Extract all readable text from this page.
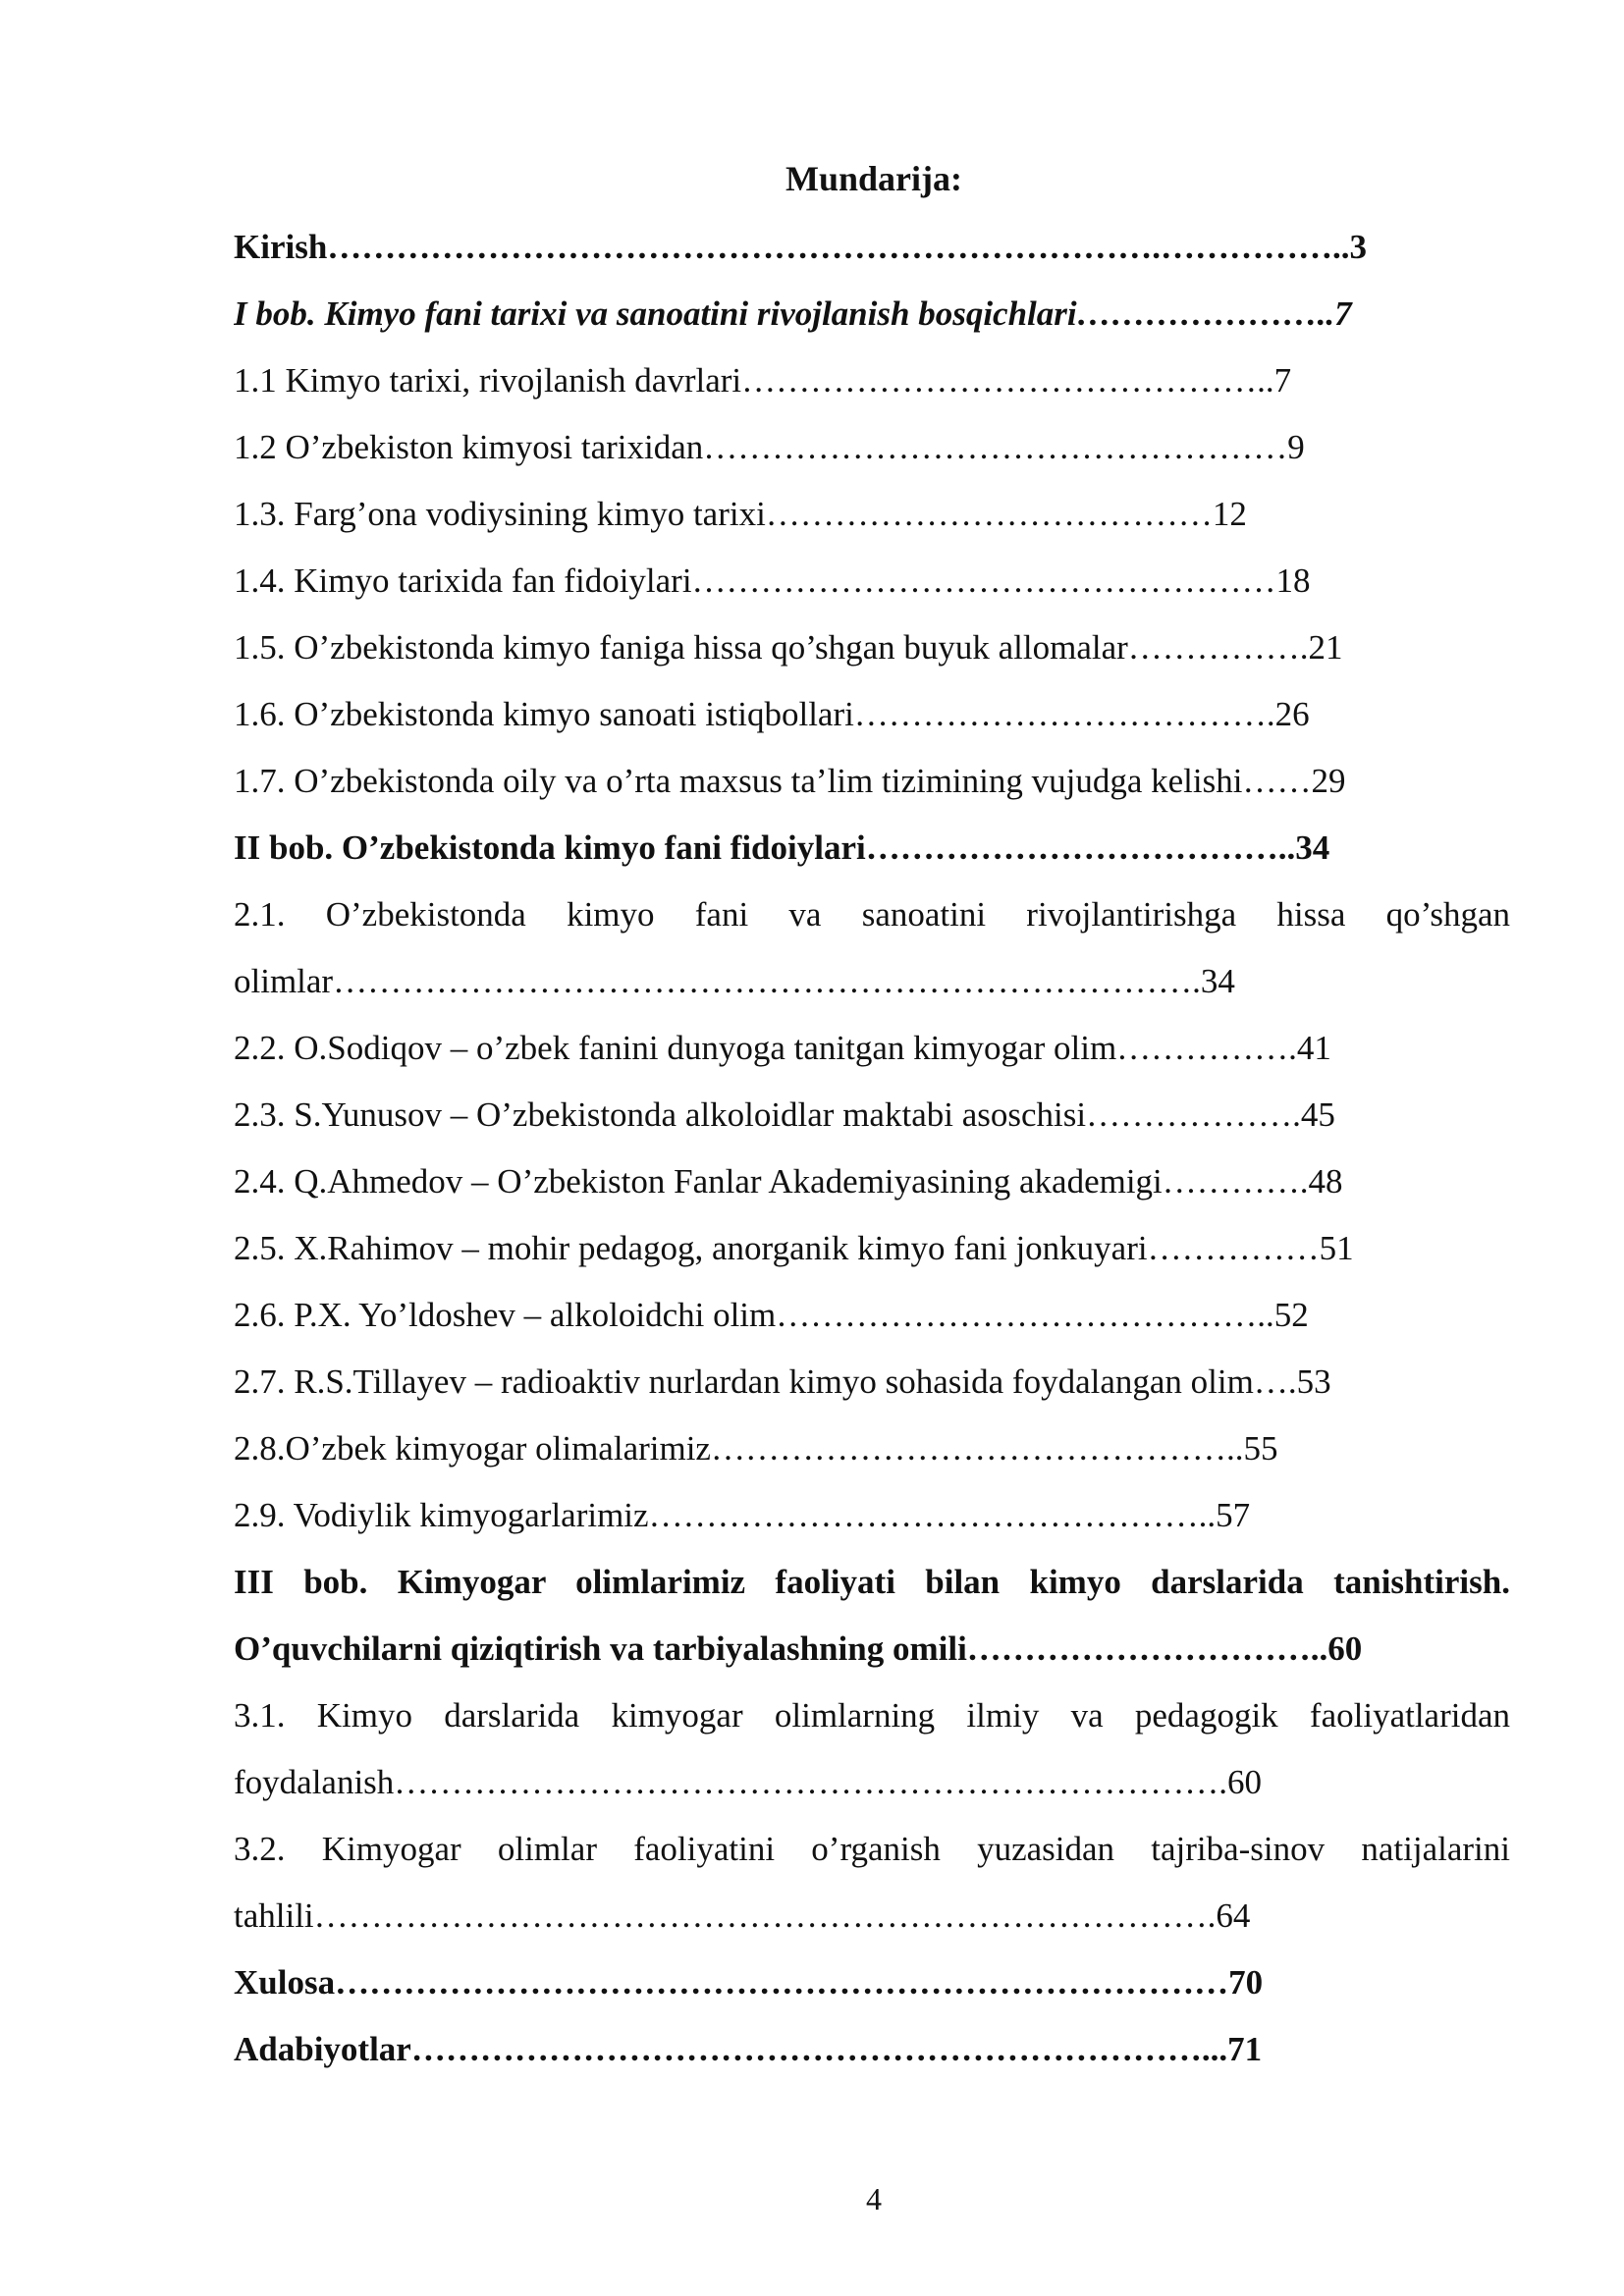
Mundarija:
Kirish……………………………………………………………….……………..3
I bob. Kimyo fani tarixi va sanoatini rivojlanish bosqichlari…………………..7
1.1 Kimyo tarixi, rivojlanish davrlari………………………………………..7
1.2 O’zbekiston kimyosi tarixidan……………………………………………9
1.3. Farg’ona vodiysining kimyo tarixi…………………………………12
1.4. Kimyo tarixida fan fidoiylari……………………………………………18
1.5. O’zbekistonda kimyo faniga hissa qo’shgan buyuk allomalar…………….21
1.6. O’zbekistonda kimyo sanoati istiqbollari……………………………….26
1.7. O’zbekistonda oily va o’rta maxsus ta’lim tizimining vujudga kelishi……29
II bob. O’zbekistonda kimyo fani fidoiylari………………………………..34
2.1. O’zbekistonda kimyo fani va sanoatini rivojlantirishga hissa qo’shgan
olimlar………………………………………………………………….34
2.2. O.Sodiqov – o’zbek fanini dunyoga tanitgan kimyogar olim…………….41
2.3. S.Yunusov – O’zbekistonda alkoloidlar maktabi asoschisi……………….45
2.4. Q.Ahmedov – O’zbekiston Fanlar Akademiyasining akademigi………….48
2.5. X.Rahimov – mohir pedagog, anorganik kimyo fani jonkuyari……………51
2.6. P.X. Yo’ldoshev – alkoloidchi olim……………………………………..52
2.7. R.S.Tillayev – radioaktiv nurlardan kimyo sohasida foydalangan olim….53
2.8.O’zbek kimyogar olimalarimiz………………………………………..55
2.9. Vodiylik kimyogarlarimiz…………………………………………..57
III bob. Kimyogar olimlarimiz faoliyati bilan kimyo darslarida tanishtirish.
O’quvchilarni qiziqtirish va tarbiyalashning omili…………………………..60
3.1. Kimyo darslarida kimyogar olimlarning ilmiy va pedagogik faoliyatlaridan
foydalanish……………………………………………………………….60
3.2. Kimyogar olimlar faoliyatini o’rganish yuzasidan tajriba-sinov natijalarini
tahlili…………………………………………………………………….64
Xulosa……………………………………………………………………70
Adabiyotlar……………………………………………………………...71
4
